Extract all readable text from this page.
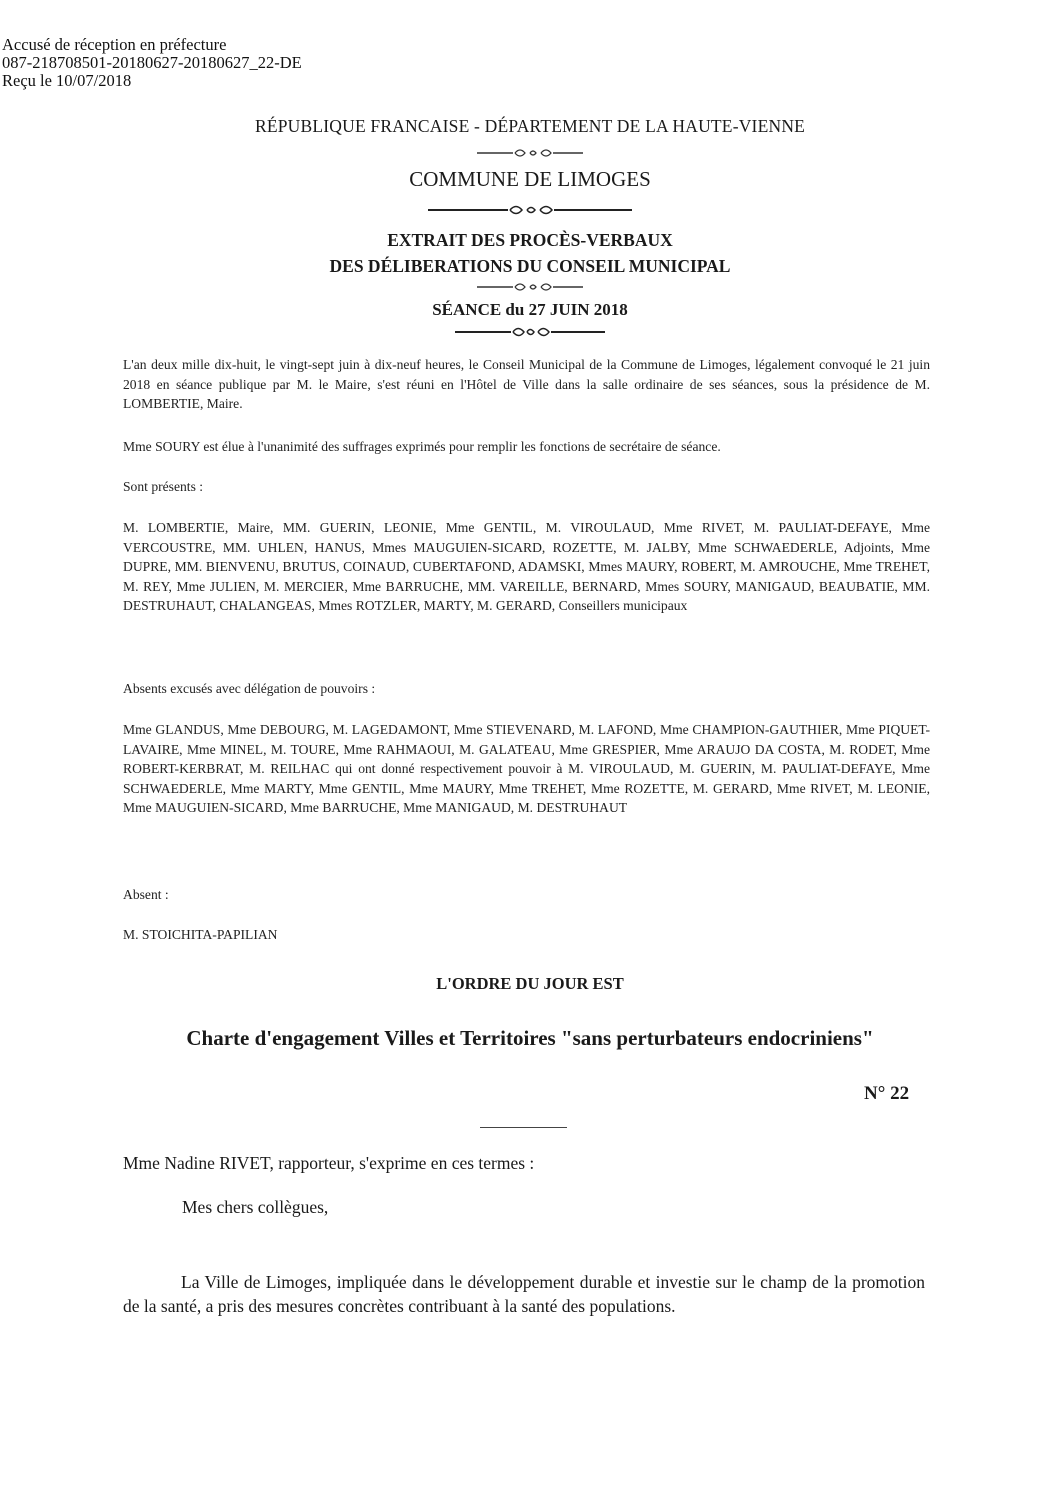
Accusé de réception en préfecture
087-218708501-20180627-20180627_22-DE
Reçu le 10/07/2018
RÉPUBLIQUE FRANCAISE - DÉPARTEMENT DE LA HAUTE-VIENNE
COMMUNE DE LIMOGES
EXTRAIT DES PROCÈS-VERBAUX
DES DÉLIBERATIONS DU CONSEIL MUNICIPAL
SÉANCE du 27 JUIN 2018
L'an deux mille dix-huit, le vingt-sept juin à dix-neuf heures, le Conseil Municipal de la Commune de Limoges, légalement convoqué le 21 juin 2018 en séance publique par M. le Maire, s'est réuni en l'Hôtel de Ville dans la salle ordinaire de ses séances, sous la présidence de M. LOMBERTIE, Maire.
Mme SOURY est élue à l'unanimité des suffrages exprimés pour remplir les fonctions de secrétaire de séance.
Sont présents :
M. LOMBERTIE, Maire, MM. GUERIN, LEONIE, Mme GENTIL, M. VIROULAUD, Mme RIVET, M. PAULIAT-DEFAYE, Mme VERCOUSTRE, MM. UHLEN, HANUS, Mmes MAUGUIEN-SICARD, ROZETTE, M. JALBY, Mme SCHWAEDERLE, Adjoints, Mme DUPRE, MM. BIENVENU, BRUTUS, COINAUD, CUBERTAFOND, ADAMSKI, Mmes MAURY, ROBERT, M. AMROUCHE, Mme TREHET, M. REY, Mme JULIEN, M. MERCIER, Mme BARRUCHE, MM. VAREILLE, BERNARD, Mmes SOURY, MANIGAUD, BEAUBATIE, MM. DESTRUHAUT, CHALANGEAS, Mmes ROTZLER, MARTY, M. GERARD, Conseillers municipaux
Absents excusés avec délégation de pouvoirs :
Mme GLANDUS, Mme DEBOURG, M. LAGEDAMONT, Mme STIEVENARD, M. LAFOND, Mme CHAMPION-GAUTHIER, Mme PIQUET-LAVAIRE, Mme MINEL, M. TOURE, Mme RAHMAOUI, M. GALATEAU, Mme GRESPIER, Mme ARAUJO DA COSTA, M. RODET, Mme ROBERT-KERBRAT, M. REILHAC qui ont donné respectivement pouvoir à M. VIROULAUD, M. GUERIN, M. PAULIAT-DEFAYE, Mme SCHWAEDERLE, Mme MARTY, Mme GENTIL, Mme MAURY, Mme TREHET, Mme ROZETTE, M. GERARD, Mme RIVET, M. LEONIE, Mme MAUGUIEN-SICARD, Mme BARRUCHE, Mme MANIGAUD, M. DESTRUHAUT
Absent :
M. STOICHITA-PAPILIAN
L'ORDRE DU JOUR EST
Charte d'engagement Villes et Territoires "sans perturbateurs endocriniens"
N° 22
Mme Nadine RIVET, rapporteur, s'exprime en ces termes :
Mes chers collègues,
La Ville de Limoges, impliquée dans le développement durable et investie sur le champ de la promotion de la santé, a pris des mesures concrètes contribuant à la santé des populations.
